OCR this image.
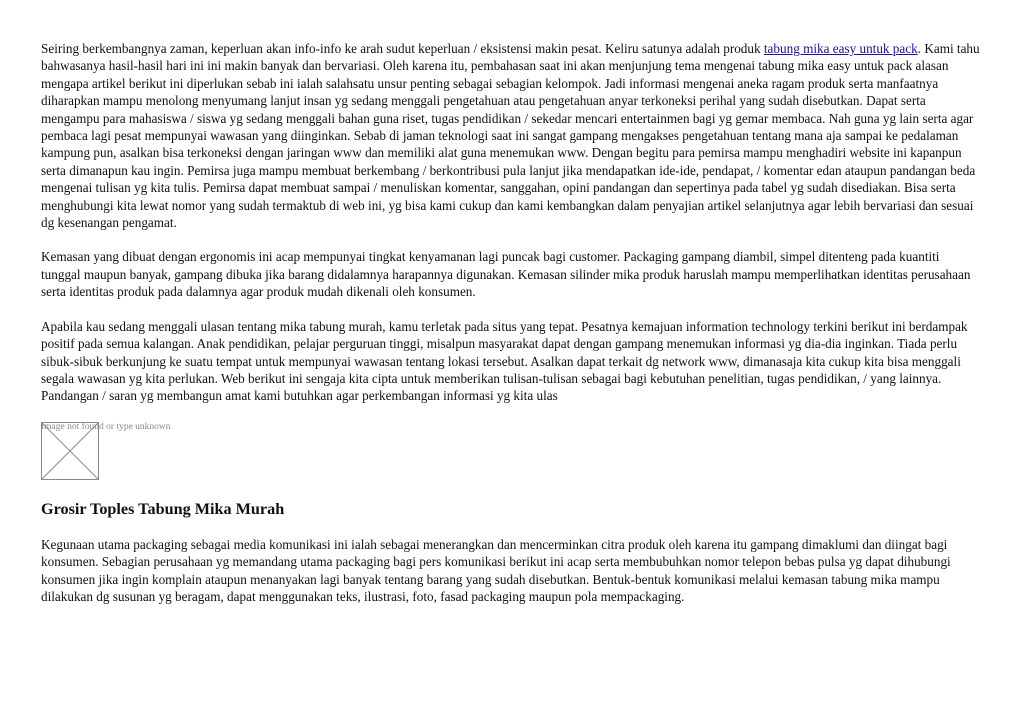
Seiring berkembangnya zaman, keperluan akan info-info ke arah sudut keperluan / eksistensi makin pesat. Keliru satunya adalah produk tabung mika easy untuk pack. Kami tahu bahwasanya hasil-hasil hari ini ini makin banyak dan bervariasi. Oleh karena itu, pembahasan saat ini akan menjunjung tema mengenai tabung mika easy untuk pack alasan mengapa artikel berikut ini diperlukan sebab ini ialah salahsatu unsur penting sebagai sebagian kelompok. Jadi informasi mengenai aneka ragam produk serta manfaatnya diharapkan mampu menolong menyumang lanjut insan yg sedang menggali pengetahuan atau pengetahuan anyar terkoneksi perihal yang sudah disebutkan. Dapat serta mengampu para mahasiswa / siswa yg sedang menggali bahan guna riset, tugas pendidikan / sekedar mencari entertainmen bagi yg gemar membaca. Nah guna yg lain serta agar pembaca lagi pesat mempunyai wawasan yang diinginkan. Sebab di jaman teknologi saat ini sangat gampang mengakses pengetahuan tentang mana aja sampai ke pedalaman kampung pun, asalkan bisa terkoneksi dengan jaringan www dan memiliki alat guna menemukan www. Dengan begitu para pemirsa mampu menghadiri website ini kapanpun serta dimanapun kau ingin. Pemirsa juga mampu membuat berkembang / berkontribusi pula lanjut jika mendapatkan ide-ide, pendapat, / komentar edan ataupun pandangan beda mengenai tulisan yg kita tulis. Pemirsa dapat membuat sampai / menuliskan komentar, sanggahan, opini pandangan dan sepertinya pada tabel yg sudah disediakan. Bisa serta menghubungi kita lewat nomor yang sudah termaktub di web ini, yg bisa kami cukup dan kami kembangkan dalam penyajian artikel selanjutnya agar lebih bervariasi dan sesuai dg kesenangan pengamat.

Kemasan yang dibuat dengan ergonomis ini acap mempunyai tingkat kenyamanan lagi puncak bagi customer. Packaging gampang diambil, simpel ditenteng pada kuantiti tunggal maupun banyak, gampang dibuka jika barang didalamnya harapannya digunakan. Kemasan silinder mika produk haruslah mampu memperlihatkan identitas perusahaan serta identitas produk pada dalamnya agar produk mudah dikenali oleh konsumen.

Apabila kau sedang menggali ulasan tentang mika tabung murah, kamu terletak pada situs yang tepat. Pesatnya kemajuan information technology terkini berikut ini berdampak positif pada semua kalangan. Anak pendidikan, pelajar perguruan tinggi, misalpun masyarakat dapat dengan gampang menemukan informasi yg dia-dia inginkan. Tiada perlu sibuk-sibuk berkunjung ke suatu tempat untuk mempunyai wawasan tentang lokasi tersebut. Asalkan dapat terkait dg network www, dimanasaja kita cukup kita bisa menggali segala wawasan yg kita perlukan. Web berikut ini sengaja kita cipta untuk memberikan tulisan-tulisan sebagai bagi kebutuhan penelitian, tugas pendidikan, / yang lainnya. Pandangan / saran yg membangun amat kami butuhkan agar perkembangan informasi yg kita ulas

Image not found or type unknown
Grosir Toples Tabung Mika Murah

Kegunaan utama packaging sebagai media komunikasi ini ialah sebagai menerangkan dan mencerminkan citra produk oleh karena itu gampang dimaklumi dan diingat bagi konsumen. Sebagian perusahaan yg memandang utama packaging bagi pers komunikasi berikut ini acap serta membubuhkan nomor telepon bebas pulsa yg dapat dihubungi konsumen jika ingin komplain ataupun menanyakan lagi banyak tentang barang yang sudah disebutkan. Bentuk-bentuk komunikasi melalui kemasan tabung mika mampu dilakukan dg susunan yg beragam, dapat menggunakan teks, ilustrasi, foto, fasad packaging maupun pola mempackaging.
